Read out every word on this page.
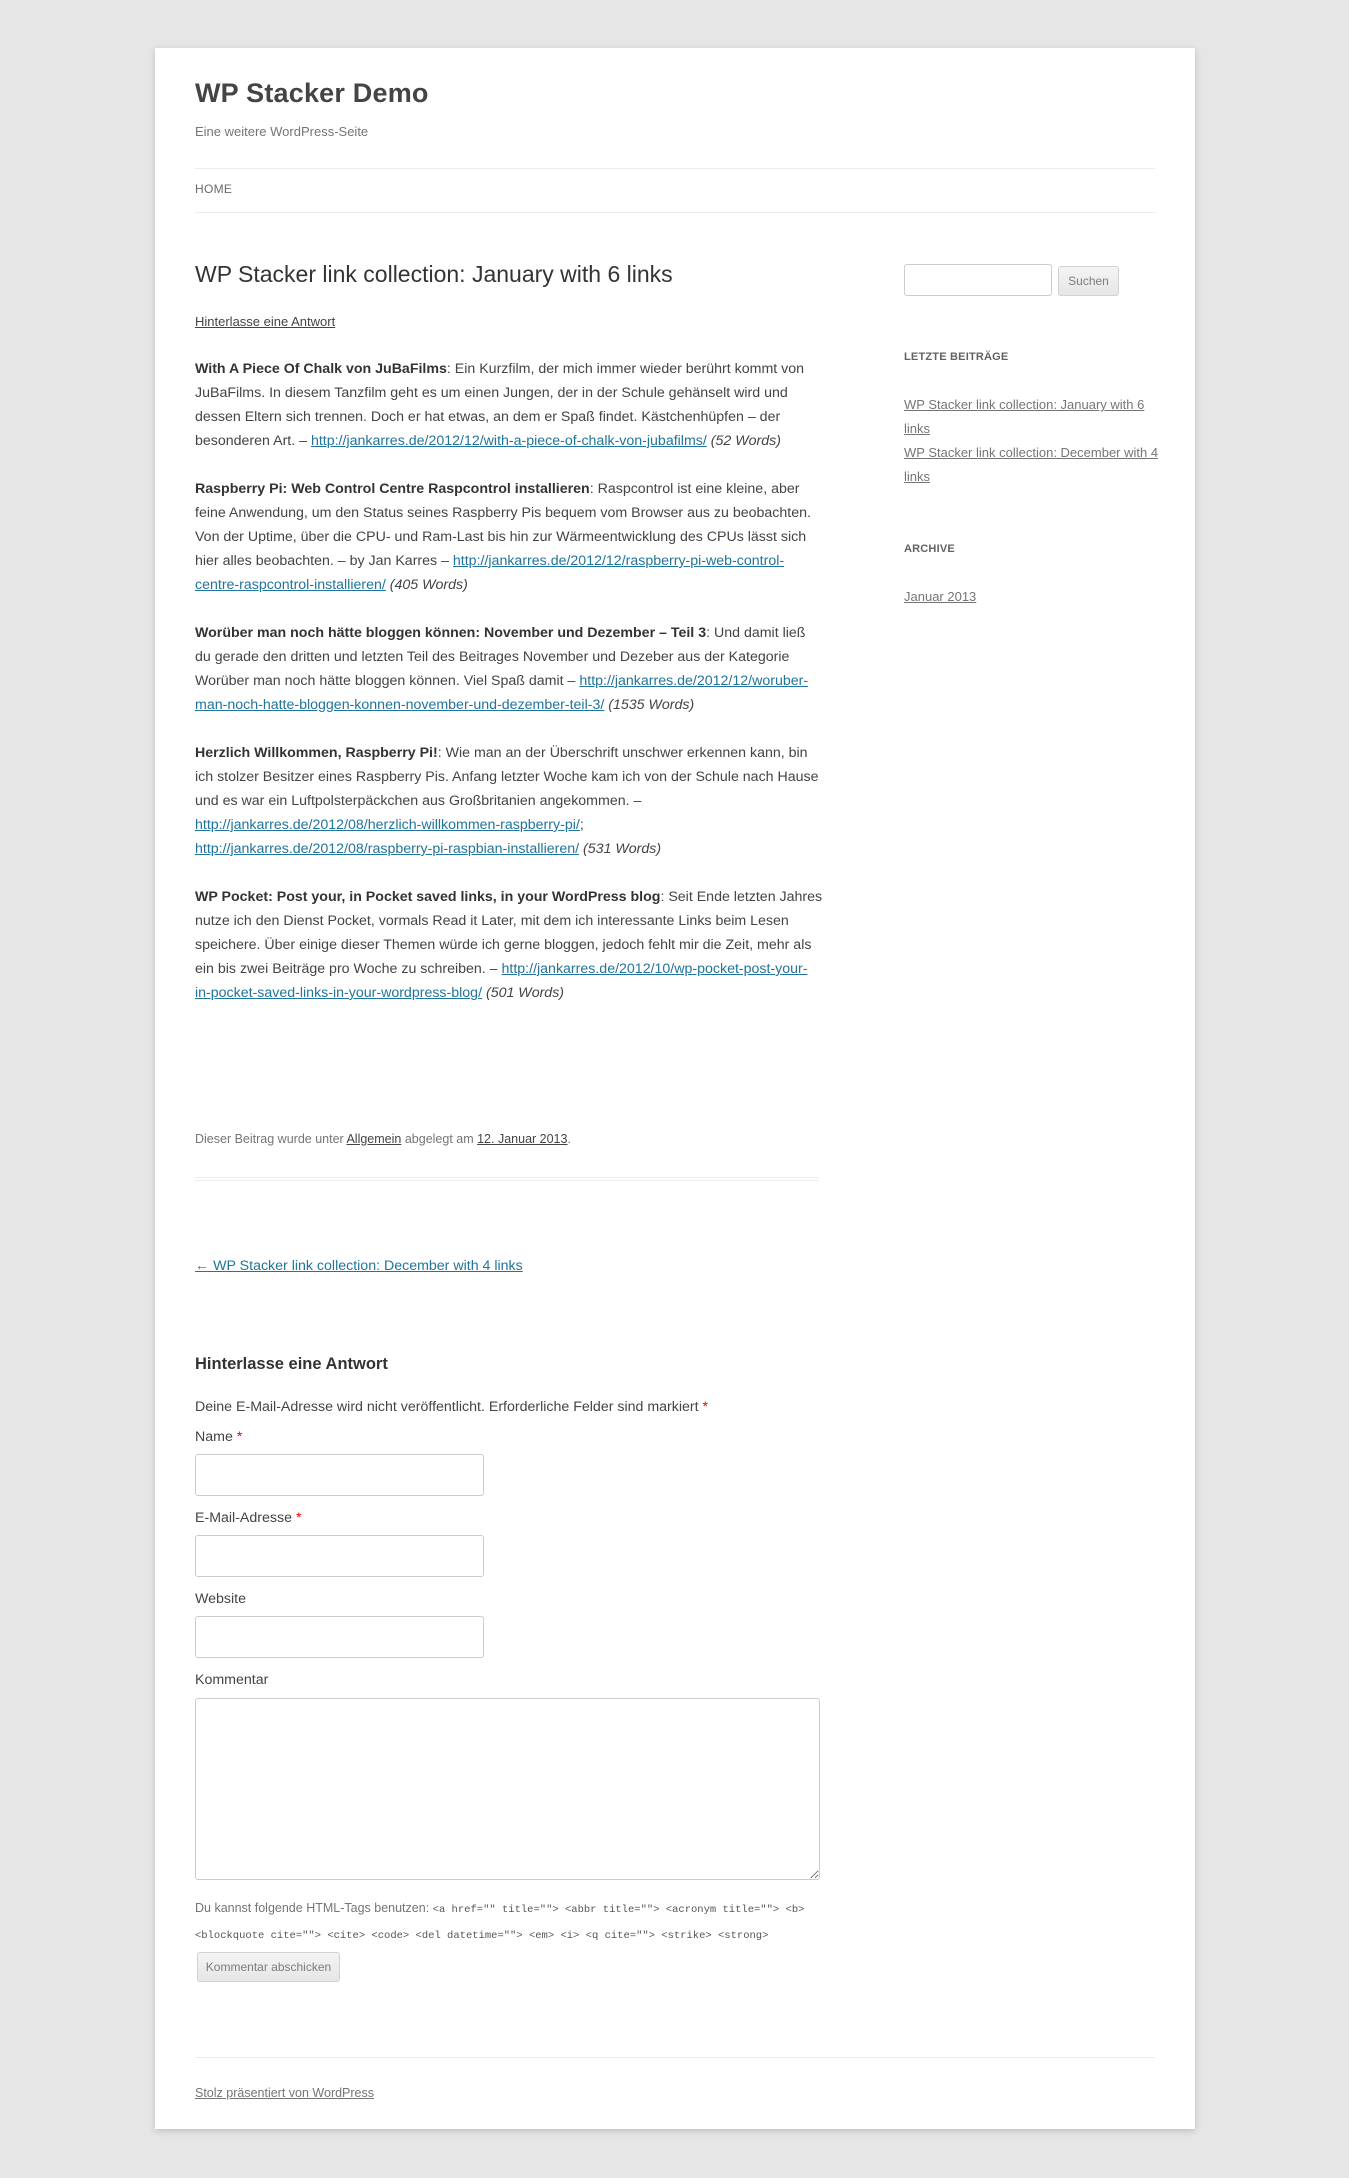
WP Stacker Demo
Eine weitere WordPress-Seite
HOME
WP Stacker link collection: January with 6 links
Hinterlasse eine Antwort

With A Piece Of Chalk von JuBaFilms: Ein Kurzfilm, der mich immer wieder berührt kommt von JuBaFilms. In diesem Tanzfilm geht es um einen Jungen, der in der Schule gehänselt wird und dessen Eltern sich trennen. Doch er hat etwas, an dem er Spaß findet. Kästchenhüpfen – der besonderen Art. – http://jankarres.de/2012/12/with-a-piece-of-chalk-von-jubafilms/ (52 Words)

Raspberry Pi: Web Control Centre Raspcontrol installieren: Raspcontrol ist eine kleine, aber feine Anwendung, um den Status seines Raspberry Pis bequem vom Browser aus zu beobachten. Von der Uptime, über die CPU- und Ram-Last bis hin zur Wärmeentwicklung des CPUs lässt sich hier alles beobachten. – by Jan Karres – http://jankarres.de/2012/12/raspberry-pi-web-control-centre-raspcontrol-installieren/ (405 Words)

Worüber man noch hätte bloggen können: November und Dezember – Teil 3: Und damit ließ du gerade den dritten und letzten Teil des Beitrages November und Dezeber aus der Kategorie Worüber man noch hätte bloggen können. Viel Spaß damit – http://jankarres.de/2012/12/woruber-man-noch-hatte-bloggen-konnen-november-und-dezember-teil-3/ (1535 Words)

Herzlich Willkommen, Raspberry Pi!: Wie man an der Überschrift unschwer erkennen kann, bin ich stolzer Besitzer eines Raspberry Pis. Anfang letzter Woche kam ich von der Schule nach Hause und es war ein Luftpolsterpäckchen aus Großbritanien angekommen. – http://jankarres.de/2012/08/herzlich-willkommen-raspberry-pi/; http://jankarres.de/2012/08/raspberry-pi-raspbian-installieren/ (531 Words)

WP Pocket: Post your, in Pocket saved links, in your WordPress blog: Seit Ende letzten Jahres nutze ich den Dienst Pocket, vormals Read it Later, mit dem ich interessante Links beim Lesen speichere. Über einige dieser Themen würde ich gerne bloggen, jedoch fehlt mir die Zeit, mehr als ein bis zwei Beiträge pro Woche zu schreiben. – http://jankarres.de/2012/10/wp-pocket-post-your-in-pocket-saved-links-in-your-wordpress-blog/ (501 Words)

Dieser Beitrag wurde unter Allgemein abgelegt am 12. Januar 2013.
← WP Stacker link collection: December with 4 links
Hinterlasse eine Antwort
Deine E-Mail-Adresse wird nicht veröffentlicht. Erforderliche Felder sind markiert *
Name *
E-Mail-Adresse *
Website
Kommentar
Du kannst folgende HTML-Tags benutzen: <a href="" title=""> <abbr title=""> <acronym title=""> <b> <blockquote cite=""> <cite> <code> <del datetime=""> <em> <i> <q cite=""> <strike> <strong>
Kommentar abschicken
Stolz präsentiert von WordPress
Suchen
LETZTE BEITRÄGE
WP Stacker link collection: January with 6 links
WP Stacker link collection: December with 4 links
ARCHIVE
Januar 2013
